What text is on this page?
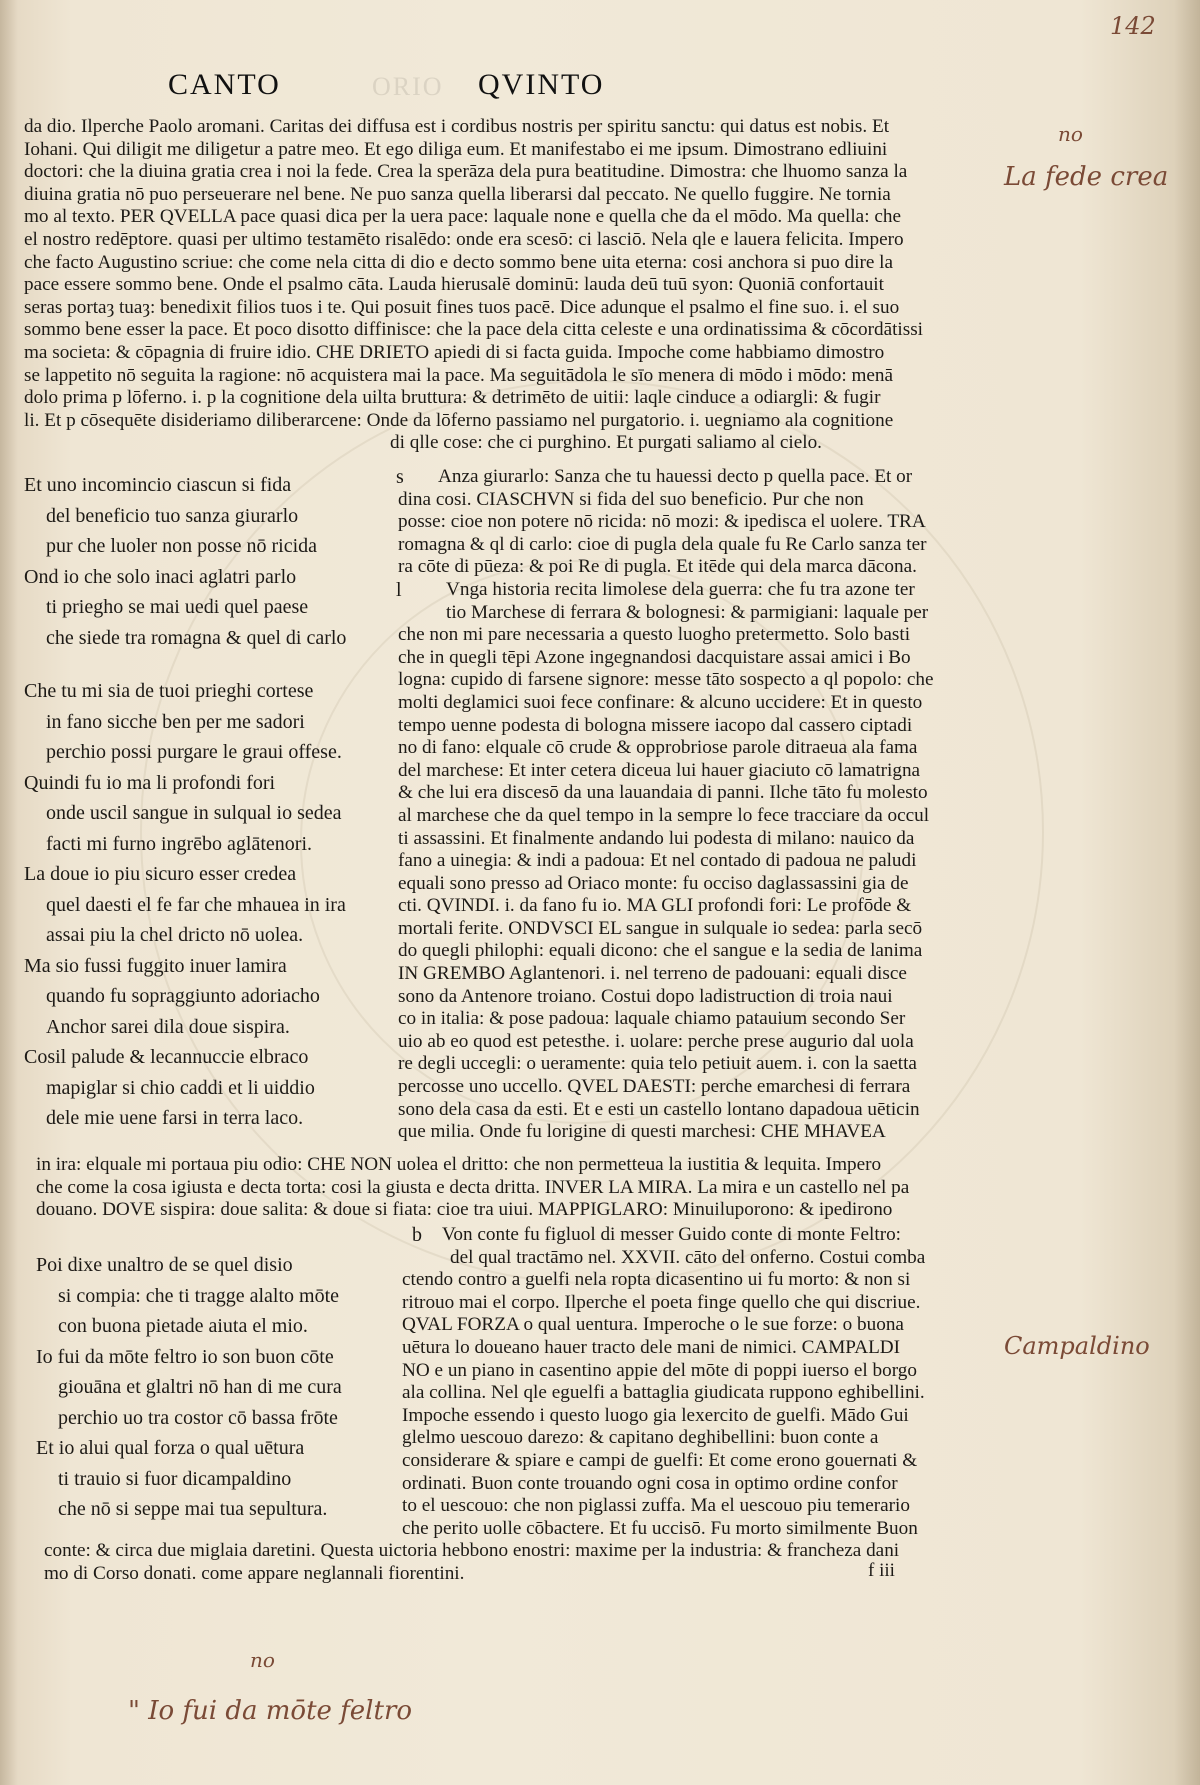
142
CANTO	ORIO QVINTO
da dio. Ilperche Paolo aromani. Caritas dei diffusa est i cordibus nostris per spiritu sanctu: qui datus est nobis. Et
Iohani. Qui diligit me diligetur a patre meo. Et ego diliga eum. Et manifestabo ei me ipsum. Dimostrano edliuini
doctori: che la diuina gratia crea i noi la fede. Crea la sperāza dela pura beatitudine. Dimostra: che lhuomo sanza la
diuina gratia nō puo perseuerare nel bene. Ne puo sanza quella liberarsi dal peccato. Ne quello fuggire. Ne tornia
mo al texto. PER QVELLA pace quasi dica per la uera pace: laquale none e quella che da el mōdo. Ma quella: che
el nostro redēptore. quasi per ultimo testamēto risalēdo: onde era scesō: ci lasciō. Nela qle e lauera felicita. Impero
che facto Augustino scriue: che come nela citta di dio e decto sommo bene uita eterna: cosi anchora si puo dire la
pace essere sommo bene. Onde el psalmo cāta. Lauda hierusalē dominū: lauda deū tuū syon: Quoniā confortauit
seras portaȝ tuaȝ: benedixit filios tuos i te. Qui posuit fines tuos pacē. Dice adunque el psalmo el fine suo. i. el suo
sommo bene esser la pace. Et poco disotto diffinisce: che la pace dela citta celeste e una ordinatissima & cōcordātissi
ma societa: & cōpagnia di fruire idio. CHE DRIETO apiedi di si facta guida. Impoche come habbiamo dimostro
se lappetito nō seguita la ragione: nō acquistera mai la pace. Ma seguitādola le sīo menera di mōdo i mōdo: menā
dolo prima p lōferno. i. p la cognitione dela uilta bruttura: & detrimēto de uitii: laqle cinduce a odiargli: & fugir
li. Et p cōsequēte disideriamo diliberarcene: Onde da lōferno passiamo nel purgatorio. i. uegniamo ala cognitione
di qlle cose: che ci purghino. Et purgati saliamo al cielo.
Et uno incomincio ciascun si fida
del beneficio tuo sanza giurarlo
pur che luoler non posse nō ricida
Ond io che solo inaci aglatri parlo
ti priegho se mai uedi quel paese
che siede tra romagna & quel di carlo
Che tu mi sia de tuoi prieghi cortese
in fano sicche ben per me sadori
perchio possi purgare le graui offese.
Quindi fu io ma li profondi fori
onde uscil sangue in sulqual io sedea
facti mi furno ingrēbo aglātenori.
La doue io piu sicuro esser credea
quel daesti el fe far che mhauea in ira
assai piu la chel dricto nō uolea.
Ma sio fussi fuggito inuer lamira
quando fu sopraggiunto adoriacho
Anchor sarei dila doue sispira.
Cosil palude & lecannuccie elbraco
mapiglar si chio caddi et li uiddio
dele mie uene farsi in terra laco.
s
l
Anza giurarlo: Sanza che tu hauessi decto p quella pace. Et or
dina cosi. CIASCHVN si fida del suo beneficio. Pur che non
posse: cioe non potere nō ricida: nō mozi: & ipedisca el uolere. TRA
romagna & ql di carlo: cioe di pugla dela quale fu Re Carlo sanza ter
ra cōte di pūeza: & poi Re di pugla. Et itēde qui dela marca dācona.
Vnga historia recita limolese dela guerra: che fu tra azone ter
tio Marchese di ferrara & bolognesi: & parmigiani: laquale per
che non mi pare necessaria a questo luogho pretermetto. Solo basti
che in quegli tēpi Azone ingegnandosi dacquistare assai amici i Bo
logna: cupido di farsene signore: messe tāto sospecto a ql popolo: che
molti deglamici suoi fece confinare: & alcuno uccidere: Et in questo
tempo uenne podesta di bologna missere iacopo dal cassero ciptadi
no di fano: elquale cō crude & opprobriose parole ditraeua ala fama
del marchese: Et inter cetera diceua lui hauer giaciuto cō lamatrigna
& che lui era discesō da una lauandaia di panni. Ilche tāto fu molesto
al marchese che da quel tempo in la sempre lo fece tracciare da occul
ti assassini. Et finalmente andando lui podesta di milano: nauico da
fano a uinegia: & indi a padoua: Et nel contado di padoua ne paludi
equali sono presso ad Oriaco monte: fu occiso daglassassini gia de
cti. QVINDI. i. da fano fu io. MA GLI profondi fori: Le profōde &
mortali ferite. ONDVSCI EL sangue in sulquale io sedea: parla secō
do quegli philophi: equali dicono: che el sangue e la sedia de lanima
IN GREMBO Aglantenori. i. nel terreno de padouani: equali disce
sono da Antenore troiano. Costui dopo ladistruction di troia naui
co in italia: & pose padoua: laquale chiamo patauium secondo Ser
uio ab eo quod est petesthe. i. uolare: perche prese augurio dal uola
re degli uccegli: o ueramente: quia telo petiuit auem. i. con la saetta
percosse uno uccello. QVEL DAESTI: perche emarchesi di ferrara
sono dela casa da esti. Et e esti un castello lontano dapadoua uēticin
que milia. Onde fu lorigine di questi marchesi: CHE MHAVEA
in ira: elquale mi portaua piu odio: CHE NON uolea el dritto: che non permetteua la iustitia & lequita. Impero
che come la cosa igiusta e decta torta: cosi la giusta e decta dritta. INVER LA MIRA. La mira e un castello nel pa
douano. DOVE sispira: doue salita: & doue si fiata: cioe tra uiui. MAPPIGLARO: Minuiluporono: & ipedirono
Poi dixe unaltro de se quel disio
si compia: che ti tragge alalto mōte
con buona pietade aiuta el mio.
Io fui da mōte feltro io son buon cōte
giouāna et glaltri nō han di me cura
perchio uo tra costor cō bassa frōte
Et io alui qual forza o qual uētura
ti trauio si fuor dicampaldino
che nō si seppe mai tua sepultura.
b	Von conte fu figluol di messer Guido conte di monte Feltro:
del qual tractāmo nel. XXVII. cāto del onferno. Costui comba
ctendo contro a guelfi nela ropta dicasentino ui fu morto: & non si
ritrouo mai el corpo. Ilperche el poeta finge quello che qui discriue.
QVAL FORZA o qual uentura. Imperoche o le sue forze: o buona
uētura lo doueano hauer tracto dele mani de nimici. CAMPALDI
NO e un piano in casentino appie del mōte di poppi iuerso el borgo
ala collina. Nel qle eguelfi a battaglia giudicata ruppono eghibellini.
Impoche essendo i questo luogo gia lexercito de guelfi. Mādo Gui
glelmo uescouo darezo: & capitano deghibellini: buon conte a
considerare & spiare e campi de guelfi: Et come erono gouernati &
ordinati. Buon conte trouando ogni cosa in optimo ordine confor
to el uescouo: che non piglassi zuffa. Ma el uescouo piu temerario
che perito uolle cōbactere. Et fu uccisō. Fu morto similmente Buon
conte: & circa due miglaia daretini. Questa uictoria hebbono enostri: maxime per la industria: & francheza dani
mo di Corso donati. come appare neglannali fiorentini.	f iii
no
La fede crea
Campaldino
no
" Io fui da mōte feltro
